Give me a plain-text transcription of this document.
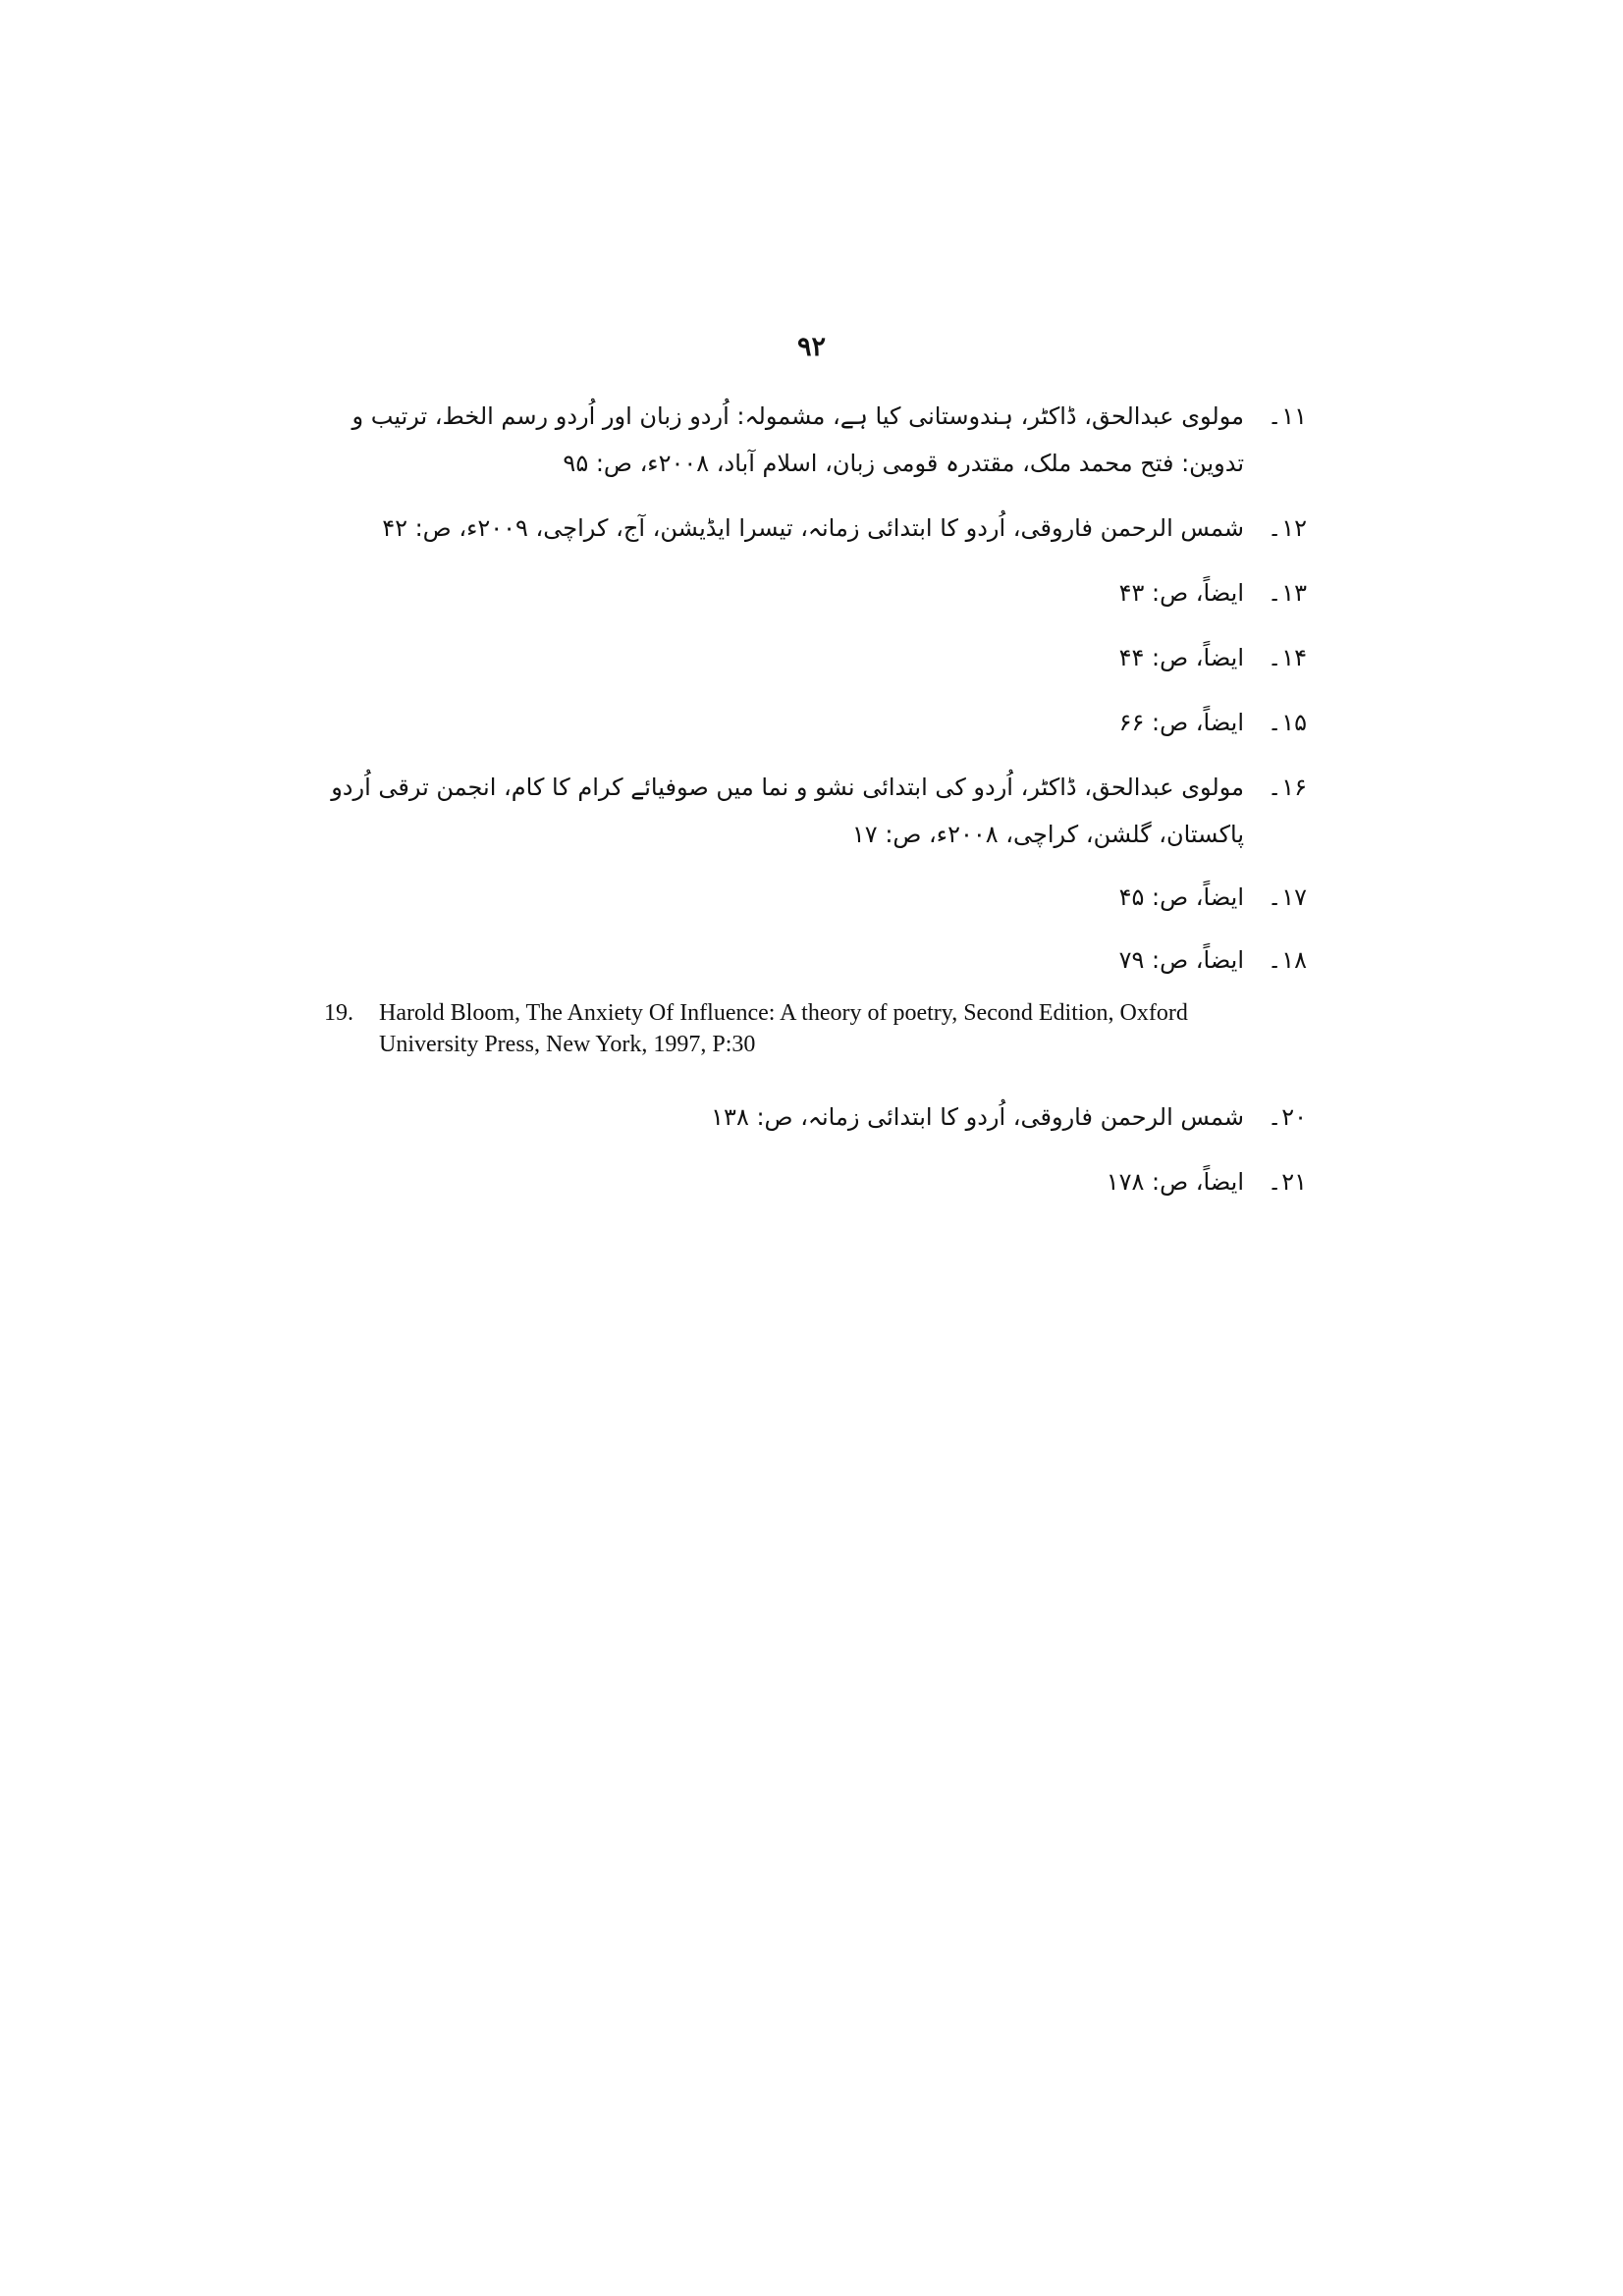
۹۲
۱۱۔
مولوی عبدالحق، ڈاکٹر، ہندوستانی کیا ہے، مشمولہ: اُردو زبان اور اُردو رسم الخط، ترتیب و تدوین: فتح محمد ملک، مقتدرہ قومی زبان، اسلام آباد، ۲۰۰۸ء، ص: ۹۵
۱۲۔
شمس الرحمن فاروقی، اُردو کا ابتدائی زمانہ، تیسرا ایڈیشن، آج، کراچی، ۲۰۰۹ء، ص: ۴۲
۱۳۔
ایضاً، ص: ۴۳
۱۴۔
ایضاً، ص: ۴۴
۱۵۔
ایضاً، ص: ۶۶
۱۶۔
مولوی عبدالحق، ڈاکٹر، اُردو کی ابتدائی نشو و نما میں صوفیائے کرام کا کام، انجمن ترقی اُردو پاکستان، گلشن، کراچی، ۲۰۰۸ء، ص: ۱۷
۱۷۔
ایضاً، ص: ۴۵
۱۸۔
ایضاً، ص: ۷۹
19. Harold Bloom, The Anxiety Of Influence: A theory of poetry, Second Edition, Oxford University Press, New York, 1997, P:30
۲۰۔
شمس الرحمن فاروقی، اُردو کا ابتدائی زمانہ، ص: ۱۳۸
۲۱۔
ایضاً، ص: ۱۷۸
